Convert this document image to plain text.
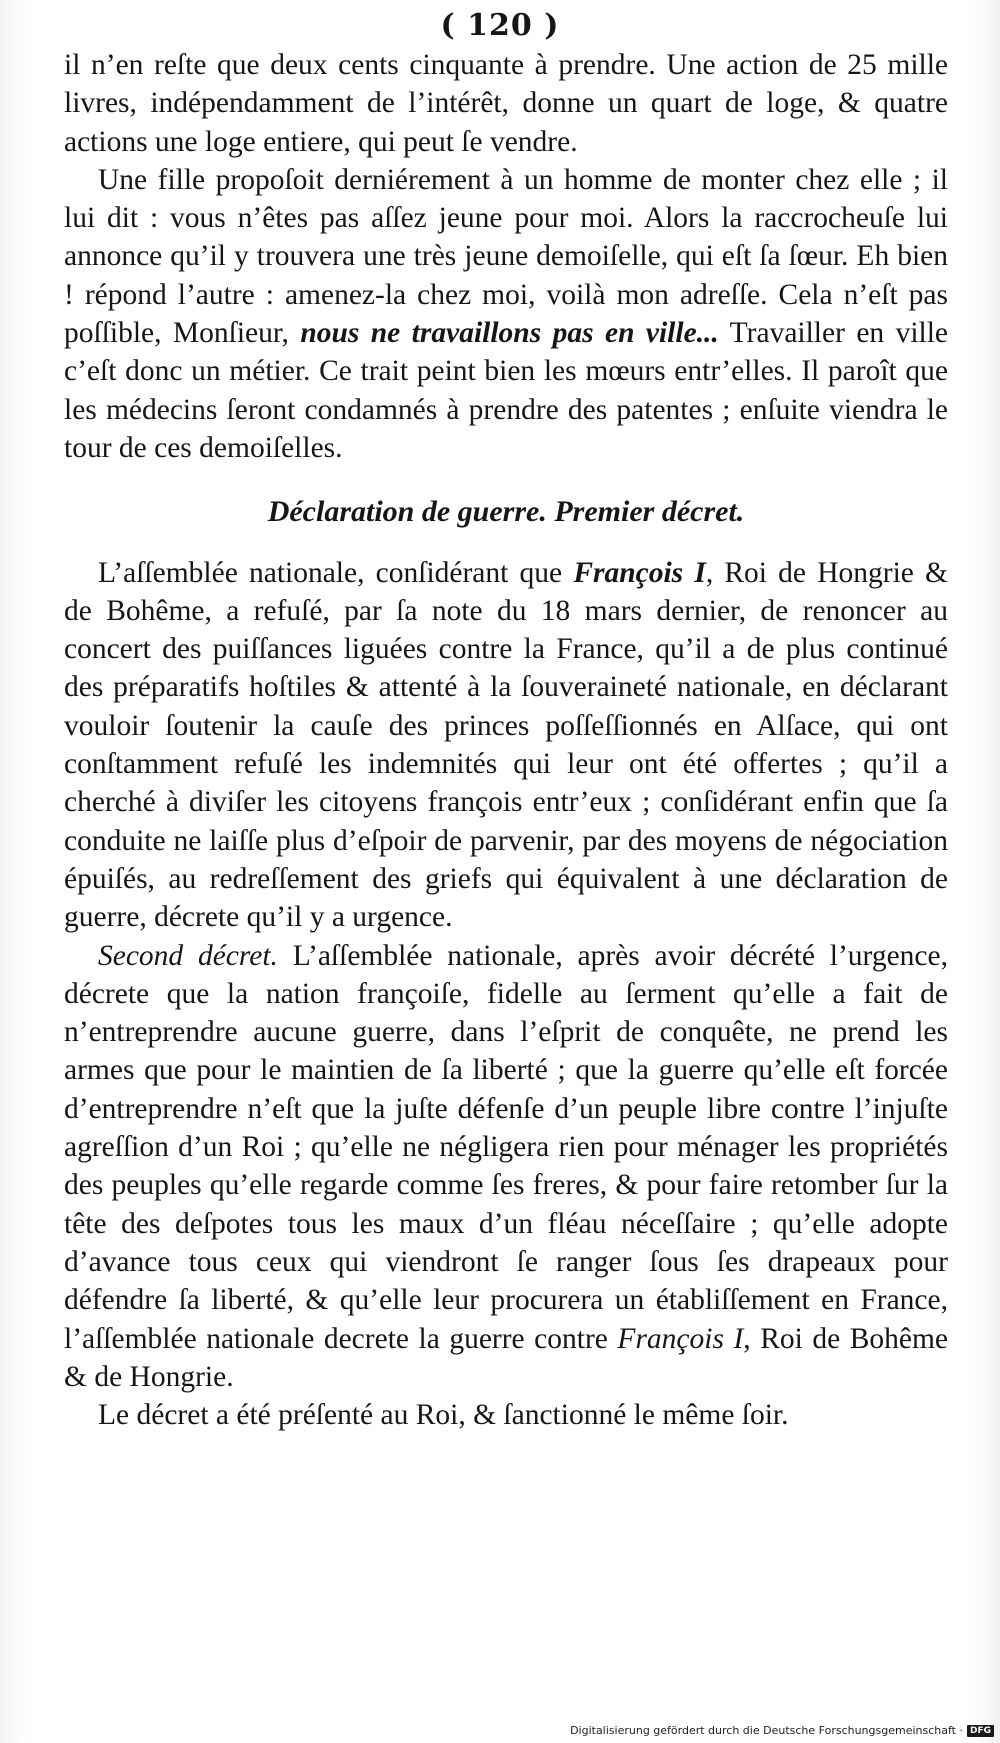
( 120 )

il n’en reſte que deux cents cinquante à prendre. Une action de 25 mille livres, indépendamment de l’intérêt, donne un quart de loge, & quatre actions une loge entiere, qui peut ſe vendre.

Une fille propoſoit derniérement à un homme de monter chez elle ; il lui dit : vous n’êtes pas aſſez jeune pour moi. Alors la raccrocheuſe lui annonce qu’il y trouvera une très jeune demoiſelle, qui eſt ſa ſœur. Eh bien ! répond l’autre : amenez-la chez moi, voilà mon adreſſe. Cela n’eſt pas poſſible, Monſieur, nous ne travaillons pas en ville... Travailler en ville c’eſt donc un métier. Ce trait peint bien les mœurs entr’elles. Il paroît que les médecins ſeront condamnés à prendre des patentes ; enſuite viendra le tour de ces demoiſelles.

Déclaration de guerre. Premier décret.

L’aſſemblée nationale, conſidérant que François I, Roi de Hongrie & de Bohême, a refuſé, par ſa note du 18 mars dernier, de renoncer au concert des puiſſances liguées contre la France, qu’il a de plus continué des préparatifs hoſtiles & attenté à la ſouveraineté nationale, en déclarant vouloir ſoutenir la cauſe des princes poſſeſſionnés en Alſace, qui ont conſtamment refuſé les indemnités qui leur ont été offertes ; qu’il a cherché à diviſer les citoyens françois entr’eux ; conſidérant enfin que ſa conduite ne laiſſe plus d’eſpoir de parvenir, par des moyens de négociation épuiſés, au redreſſement des griefs qui équivalent à une déclaration de guerre, décrete qu’il y a urgence.

Second décret. L’aſſemblée nationale, après avoir décrété l’urgence, décrete que la nation françoiſe, fidelle au ſerment qu’elle a fait de n’entreprendre aucune guerre, dans l’eſprit de conquête, ne prend les armes que pour le maintien de ſa liberté ; que la guerre qu’elle eſt forcée d’entreprendre n’eſt que la juſte défenſe d’un peuple libre contre l’injuſte agreſſion d’un Roi ; qu’elle ne négligera rien pour ménager les propriétés des peuples qu’elle regarde comme ſes freres, & pour faire retomber ſur la tête des deſpotes tous les maux d’un fléau néceſſaire ; qu’elle adopte d’avance tous ceux qui viendront ſe ranger ſous ſes drapeaux pour défendre ſa liberté, & qu’elle leur procurera un établiſſement en France, l’aſſemblée nationale decrete la guerre contre François I, Roi de Bohême & de Hongrie.

Le décret a été préſenté au Roi, & ſanctionné le même ſoir.

Digitalisierung gefördert durch die Deutsche Forschungsgemeinschaft · DFG
